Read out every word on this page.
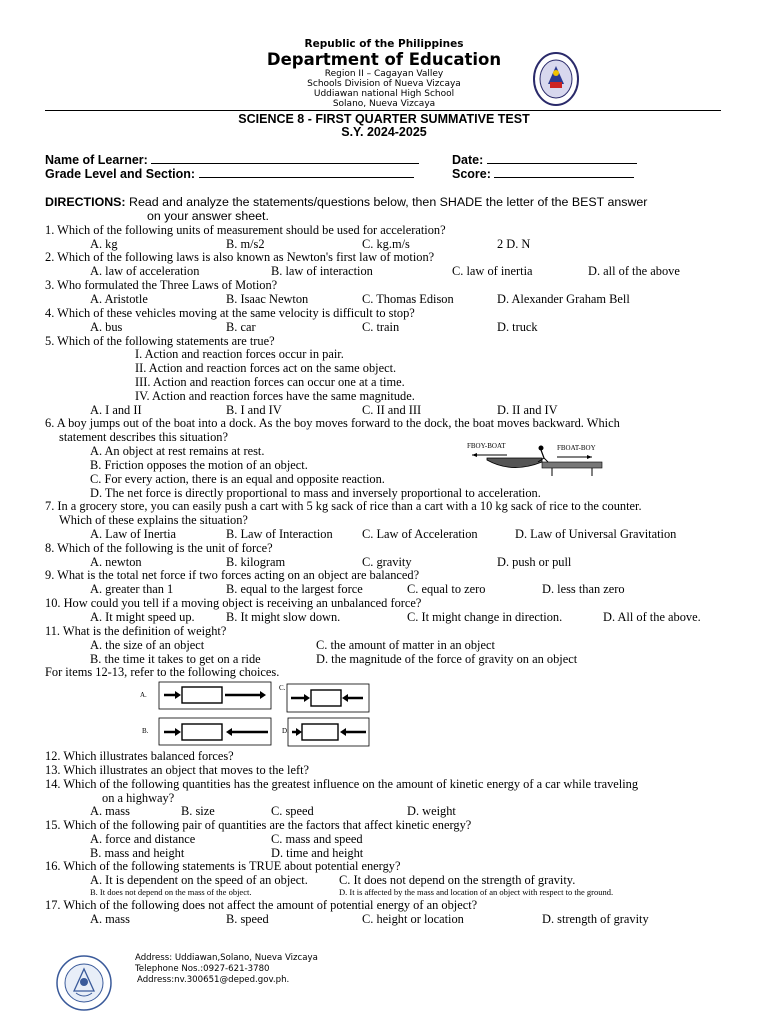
Republic of the Philippines
Department of Education
Region II – Cagayan Valley
Schools Division of Nueva Vizcaya
Uddiawan national High School
Solano, Nueva Vizcaya
SCIENCE 8 - FIRST QUARTER SUMMATIVE TEST
S.Y. 2024-2025
Name of Learner:	Date:
Grade Level and Section:	Score:
DIRECTIONS: Read and analyze the statements/questions below, then SHADE the letter of the BEST answer
on your answer sheet.
1. Which of the following units of measurement should be used for acceleration?
A. kg	B. m/s2	C. kg.m/s	2 D. N
2. Which of the following laws is also known as Newton's first law of motion?
A. law of acceleration	B. law of interaction	C. law of inertia	D. all of the above
3. Who formulated the Three Laws of Motion?
A. Aristotle	B. Isaac Newton	C. Thomas Edison	D. Alexander Graham Bell
4. Which of these vehicles moving at the same velocity is difficult to stop?
A. bus	B. car	C. train	D. truck
5. Which of the following statements are true?
I. Action and reaction forces occur in pair.
II. Action and reaction forces act on the same object.
III. Action and reaction forces can occur one at a time.
IV. Action and reaction forces have the same magnitude.
A. I and II	B. I and IV	C. II and III	D. II and IV
6. A boy jumps out of the boat into a dock. As the boy moves forward to the dock, the boat moves backward. Which
statement describes this situation?
A. An object at rest remains at rest.
B. Friction opposes the motion of an object.
C. For every action, there is an equal and opposite reaction.
D. The net force is directly proportional to mass and inversely proportional to acceleration.
FBOY-BOAT	FBOAT-BOY
7. In a grocery store, you can easily push a cart with 5 kg sack of rice than a cart with a 10 kg sack of rice to the counter.
Which of these explains the situation?
A. Law of Inertia	B. Law of Interaction C. Law of Acceleration	D. Law of Universal Gravitation
8. Which of the following is the unit of force?
A. newton	B. kilogram	C. gravity	D. push or pull
9. What is the total net force if two forces acting on an object are balanced?
A. greater than 1	B. equal to the largest force	C. equal to zero	D. less than zero
10. How could you tell if a moving object is receiving an unbalanced force?
A. It might speed up.	B. It might slow down.	C. It might change in direction.	D. All of the above.
11. What is the definition of weight?
A. the size of an object	C. the amount of matter in an object
B. the time it takes to get on a ride	D. the magnitude of the force of gravity on an object
For items 12-13, refer to the following choices.
A.
C.
B.	D.
12. Which illustrates balanced forces?
13. Which illustrates an object that moves to the left?
14. Which of the following quantities has the greatest influence on the amount of kinetic energy of a car while traveling
on a highway?
A. mass	B. size	C. speed	D. weight
15. Which of the following pair of quantities are the factors that affect kinetic energy?
A. force and distance	C. mass and speed
B. mass and height	D. time and height
16. Which of the following statements is TRUE about potential energy?
A. It is dependent on the speed of an object.	C. It does not depend on the strength of gravity.
B. It does not depend on the mass of the object.	D. It is affected by the mass and location of an object with respect to the ground.
17. Which of the following does not affect the amount of potential energy of an object?
A. mass	B. speed	C. height or location	D. strength of gravity
Address: Uddiawan,Solano, Nueva Vizcaya
Telephone Nos.:0927-621-3780
Address:nv.300651@deped.gov.ph.
